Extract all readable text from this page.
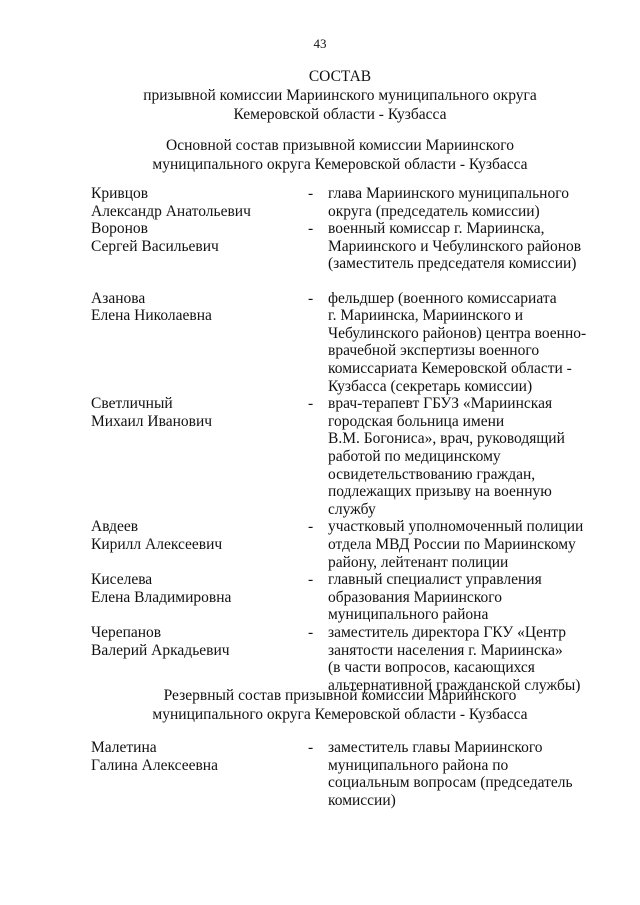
43
СОСТАВ
призывной комиссии Мариинского муниципального округа
Кемеровской области - Кузбасса
Основной состав призывной комиссии Мариинского
муниципального округа Кемеровской области - Кузбасса
Кривцов
Александр Анатольевич
- глава Мариинского муниципального
округа (председатель комиссии)
Воронов
Сергей Васильевич
- военный комиссар г. Мариинска,
Мариинского и Чебулинского районов
(заместитель председателя комиссии)
Азанова
Елена Николаевна
- фельдшер (военного комиссариата
г. Мариинска, Мариинского и
Чебулинского районов) центра военно-
врачебной экспертизы военного
комиссариата Кемеровской области -
Кузбасса (секретарь комиссии)
Светличный
Михаил Иванович
- врач-терапевт ГБУЗ «Мариинская
городская больница имени
В.М. Богониса», врач, руководящий
работой по медицинскому
освидетельствованию граждан,
подлежащих призыву на военную
службу
Авдеев
Кирилл Алексеевич
- участковый уполномоченный полиции
отдела МВД России по Мариинскому
району, лейтенант полиции
Киселева
Елена Владимировна
- главный специалист управления
образования Мариинского
муниципального района
Черепанов
Валерий Аркадьевич
- заместитель директора ГКУ «Центр
занятости населения г. Мариинска»
(в части вопросов, касающихся
альтернативной гражданской службы)
Резервный состав призывной комиссии Мариинского
муниципального округа Кемеровской области - Кузбасса
Малетина
Галина Алексеевна
- заместитель главы Мариинского
муниципального района по
социальным вопросам (председатель
комиссии)
